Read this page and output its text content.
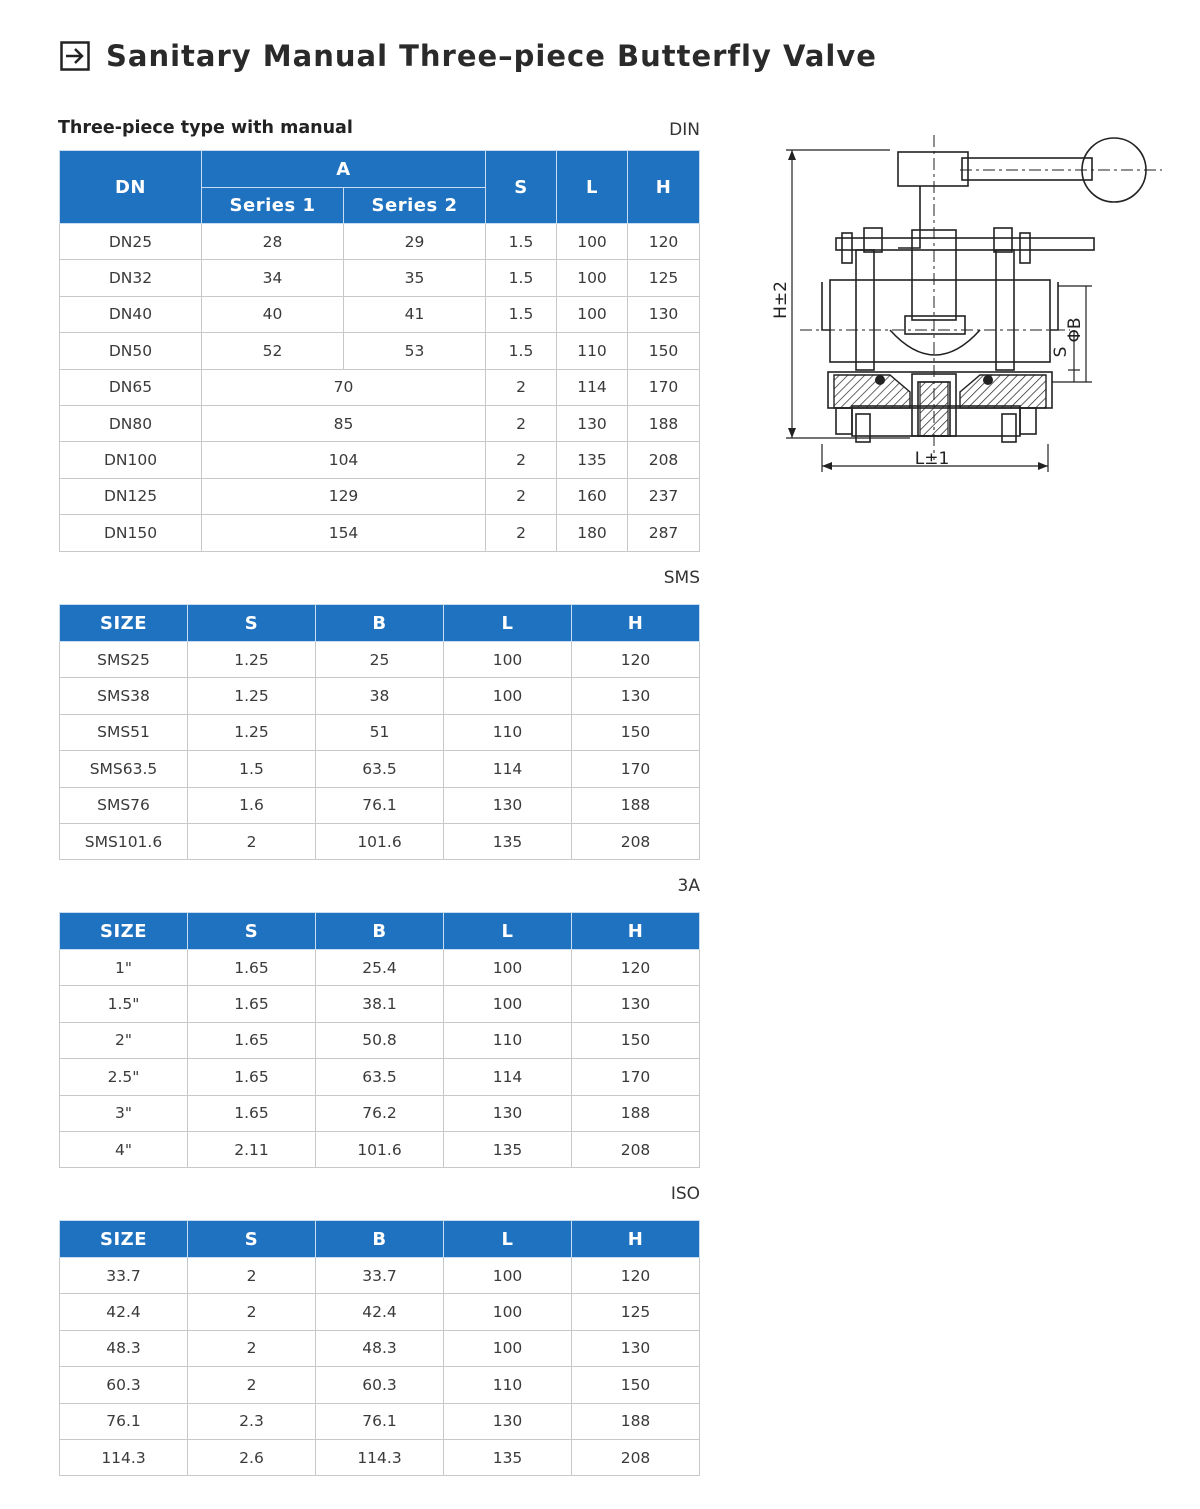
Sanitary Manual Three–piece Butterfly Valve
Three-piece type with manual	DIN
DN	A		S	L	H
	Series 1	Series 2			
DN25	28	29	1.5	100	120
DN32	34	35	1.5	100	125
DN40	40	41	1.5	100	130
DN50	52	53	1.5	110	150
DN65	70		2	114	170
DN80	85		2	130	188
DN100	104		2	135	208
DN125	129		2	160	237
DN150	154		2	180	287
SMS
SIZE	S	B	L	H
SMS25	1.25	25	100	120
SMS38	1.25	38	100	130
SMS51	1.25	51	110	150
SMS63.5	1.5	63.5	114	170
SMS76	1.6	76.1	130	188
SMS101.6	2	101.6	135	208
3A
SIZE	S	B	L	H
1"	1.65	25.4	100	120
1.5"	1.65	38.1	100	130
2"	1.65	50.8	110	150
2.5"	1.65	63.5	114	170
3"	1.65	76.2	130	188
4"	2.11	101.6	135	208
ISO
SIZE	S	B	L	H
33.7	2	33.7	100	120
42.4	2	42.4	100	125
48.3	2	48.3	100	130
60.3	2	60.3	110	150
76.1	2.3	76.1	130	188
114.3	2.6	114.3	135	208
H±2
L±1
ΦB
S
